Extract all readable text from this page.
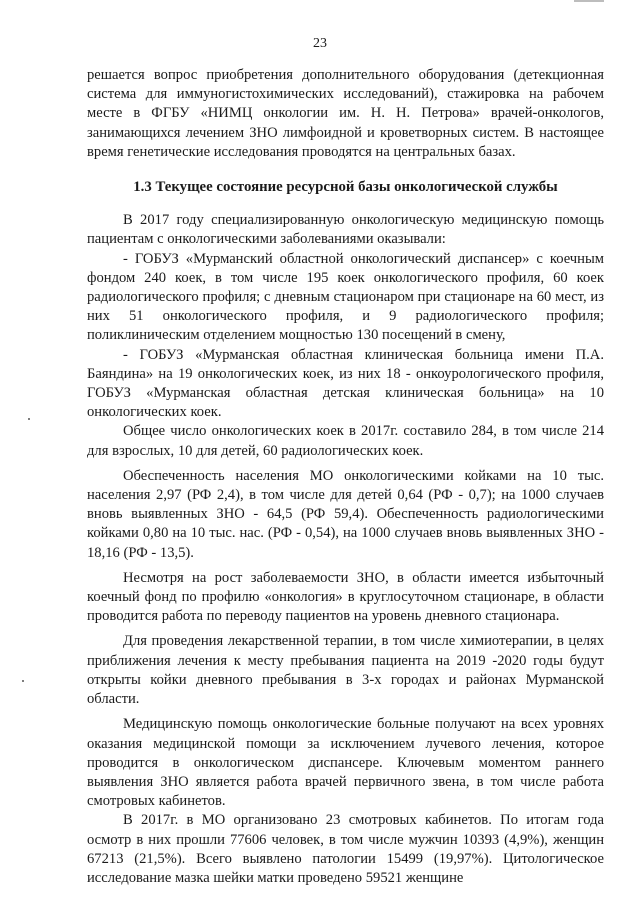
23

решается вопрос приобретения дополнительного оборудования (детекционная система для иммуногистохимических исследований), стажировка на рабочем месте в ФГБУ «НИМЦ онкологии им. Н. Н. Петрова» врачей-онкологов, занимающихся лечением ЗНО лимфоидной и кроветворных систем. В настоящее время генетические исследования проводятся на центральных базах.

1.3 Текущее состояние ресурсной базы онкологической службы

В 2017 году специализированную онкологическую медицинскую помощь пациентам с онкологическими заболеваниями оказывали:

- ГОБУЗ «Мурманский областной онкологический диспансер» с коечным фондом 240 коек, в том числе 195 коек онкологического профиля, 60 коек радиологического профиля; с дневным стационаром при стационаре на 60 мест, из них 51 онкологического профиля, и 9 радиологического профиля; поликлиническим отделением мощностью 130 посещений в смену,

- ГОБУЗ «Мурманская областная клиническая больница имени П.А. Баяндина» на 19 онкологических коек, из них 18 - онкоурологического профиля, ГОБУЗ «Мурманская областная детская клиническая больница» на 10 онкологических коек.

Общее число онкологических коек в 2017г. составило 284, в том числе 214 для взрослых, 10 для детей, 60 радиологических коек.

Обеспеченность населения МО онкологическими койками на 10 тыс. населения 2,97 (РФ 2,4), в том числе для детей 0,64 (РФ - 0,7); на 1000 случаев вновь выявленных ЗНО - 64,5 (РФ 59,4). Обеспеченность радиологическими койками 0,80 на 10 тыс. нас. (РФ - 0,54), на 1000 случаев вновь выявленных ЗНО - 18,16 (РФ - 13,5).

Несмотря на рост заболеваемости ЗНО, в области имеется избыточный коечный фонд по профилю «онкология» в круглосуточном стационаре, в области проводится работа по переводу пациентов на уровень дневного стационара.

Для проведения лекарственной терапии, в том числе химиотерапии, в целях приближения лечения к месту пребывания пациента на 2019 -2020 годы будут открыты койки дневного пребывания в 3-х городах и районах Мурманской области.

Медицинскую помощь онкологические больные получают на всех уровнях оказания медицинской помощи за исключением лучевого лечения, которое проводится в онкологическом диспансере. Ключевым моментом раннего выявления ЗНО является работа врачей первичного звена, в том числе работа смотровых кабинетов.

В 2017г. в МО организовано 23 смотровых кабинетов. По итогам года осмотр в них прошли 77606 человек, в том числе мужчин 10393 (4,9%), женщин 67213 (21,5%). Всего выявлено патологии 15499 (19,97%). Цитологическое исследование мазка шейки матки проведено 59521 женщине
